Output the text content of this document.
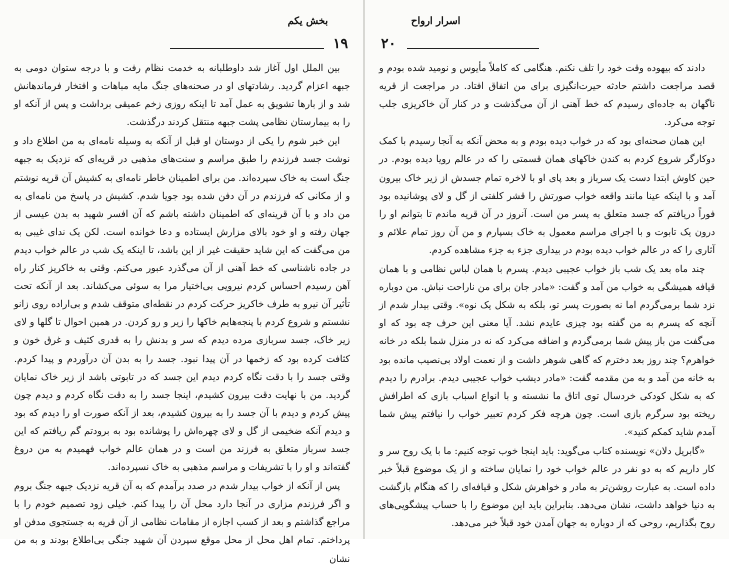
بخش یکم
۱۹

بین الملل اول آغاز شد داوطلبانه به خدمت نظام رفت و با درجه ستوان دومی به جبهه اعزام گردید. رشادتهای او در صحنه‌های جنگ مایه مباهات و افتخار فرماندهانش شد و از بارها تشویق به عمل آمد تا اینکه روزی زخم عمیقی برداشت و پس از آنکه او را به بیمارستان نظامی پشت جبهه منتقل کردند درگذشت.

این خبر شوم را یکی از دوستان او قبل از آنکه به وسیله نامه‌ای به من اطلاع داد و نوشت جسد فرزندم را طبق مراسم و سنت‌های مذهبی در قریه‌ای که نزدیک به جبهه جنگ است به خاک سپرده‌اند. من برای اطمینان خاطر نامه‌ای به کشیش آن قریه نوشتم و از مکانی که فرزندم در آن دفن شده بود جویا شدم. کشیش در پاسخ من نامه‌ای به من داد و با آن قرینه‌ای که اطمینان داشته باشم که آن افسر شهید به بدن عیسی از جهان رفته و او خود بالای مزارش ایستاده و دعا خوانده است. لکن یک ندای غیبی به من می‌گفت که این شاید حقیقت غیر از این باشد، تا اینکه یک شب در عالم خواب دیدم در جاده ناشناسی که خط آهنی از آن می‌گذرد عبور می‌کنم. وقتی به خاکریز کنار راه آهن رسیدم احساس کردم نیرویی بی‌اختیار مرا به سوئی می‌کشاند. بعد از آنکه تحت تأثیر آن نیرو به طرف خاکریز حرکت کردم در نقطه‌ای متوقف شدم و بی‌اراده روی زانو نشستم و شروع کردم با پنجه‌هایم خاکها را زیر و رو کردن. در همین احوال تا گلها و لای زیر خاک، جسد سربازی مرده دیدم که سر و بدنش را به قدری کثیف و غرق خون و کثافت کرده بود که زخمها در آن پیدا نبود. جسد را به بدن آن درآوردم و پیدا کردم. وقتی جسد را با دقت نگاه کردم دیدم این جسد که در تابوتی باشد از زیر خاک نمایان گردید. من با نهایت دقت بیرون کشیدم، اینجا جسد را به دقت نگاه کردم و دیدم چون پیش کردم و دیدم با آن جسد را به بیرون کشیدم، بعد از آنکه صورت او را دیدم که بود و دیدم آنکه ضخیمی از گل و لای چهره‌اش را پوشانده بود به برودتم گم ریافتم که این جسد سرباز متعلق به فرزند من است و در همان عالم خواب فهمیدم به من دروغ گفته‌اند و او را با تشریفات و مراسم مذهبی به خاک نسپرده‌اند.

پس از آنکه از خواب بیدار شدم در صدد برآمدم که به آن قریه نزدیک جبهه جنگ بروم و اگر فرزندم مزاری در آنجا دارد محل آن را پیدا کنم. خیلی زود تصمیم خودم را با مراجع گذاشتم و بعد از کسب اجازه از مقامات نظامی از آن قریه به جستجوی مدفن او پرداختم. تمام اهل محل از محل موقع سپردن آن شهید جنگی بی‌اطلاع بودند و به من نشان

اسرار ارواح
۲۰

دادند که بیهوده وقت خود را تلف نکنم. هنگامی که کاملاً مأیوس و نومید شده بودم و قصد مراجعت داشتم حادثه حیرت‌انگیزی برای من اتفاق افتاد. در مراجعت از قریه ناگهان به جاده‌ای رسیدم که خط آهنی از آن می‌گذشت و در کنار آن خاکریزی جلب توجه می‌کرد.

این همان صحنه‌ای بود که در خواب دیده بودم و به محض آنکه به آنجا رسیدم با کمک دوکارگر شروع کردم به کندن خاکهای همان قسمتی را که در عالم رویا دیده بودم. در حین کاوش ابتدا دست یک سرباز و بعد پای او با لاخره تمام جسدش از زیر خاک بیرون آمد و با اینکه عینا مانند واقعه خواب صورتش را قشر کلفتی از گل و لای پوشانیده بود فوراً دریافتم که جسد متعلق به پسر من است. آنروز در آن قریه ماندم تا بتوانم او را درون یک تابوت و با اجرای مراسم معمول به خاک بسپارم و من آن روز تمام علائم و آثاری را که در عالم خواب دیده بودم در بیداری جزء به جزء مشاهده کردم.

چند ماه بعد یک شب باز خواب عجیبی دیدم. پسرم با همان لباس نظامی و با همان قیافه همیشگی به خواب من آمد و گفت: «مادر جان برای من ناراحت نباش. من دوباره نزد شما برمی‌گردم اما نه بصورت پسر تو، بلکه به شکل یک نوه». وقتی بیدار شدم از آنچه که پسرم به من گفته بود چیزی عایدم نشد. آیا معنی این حرف چه بود که او می‌گفت من باز پیش شما برمی‌گردم و اضافه می‌کرد که نه در منزل شما بلکه در خانه خواهرم؟ چند روز بعد دخترم که گاهی شوهر داشت و از نعمت اولاد بی‌نصیب مانده بود به خانه من آمد و به‌ من مقدمه گفت: «مادر دیشب خواب عجیبی دیدم. برادرم را دیدم که به شکل کودکی خردسال توی اتاق ما نشسته و با انواع اسباب بازی که اطرافش ریخته بود سرگرم بازی است. چون هرچه فکر کردم تعبیر خواب را نیافتم پیش شما آمدم شاید کمکم کنید».

«گابریل دلان» نویسنده کتاب می‌گوید: باید اینجا خوب توجه کنیم: ما با یک روح سر و کار داریم که به دو نفر در عالم خواب خود را نمایان ساخته و از یک موضوع قبلاً خبر داده است. به عبارت روشن‌تر به مادر و خواهرش شکل و قیافه‌ای را که هنگام بازگشت به دنیا خواهد داشت، نشان می‌دهد. بنابراین باید این موضوع را با حساب پیشگویی‌های روح بگذاریم، روحی که از دوباره به جهان آمدن خود قبلاً خبر می‌دهد.
